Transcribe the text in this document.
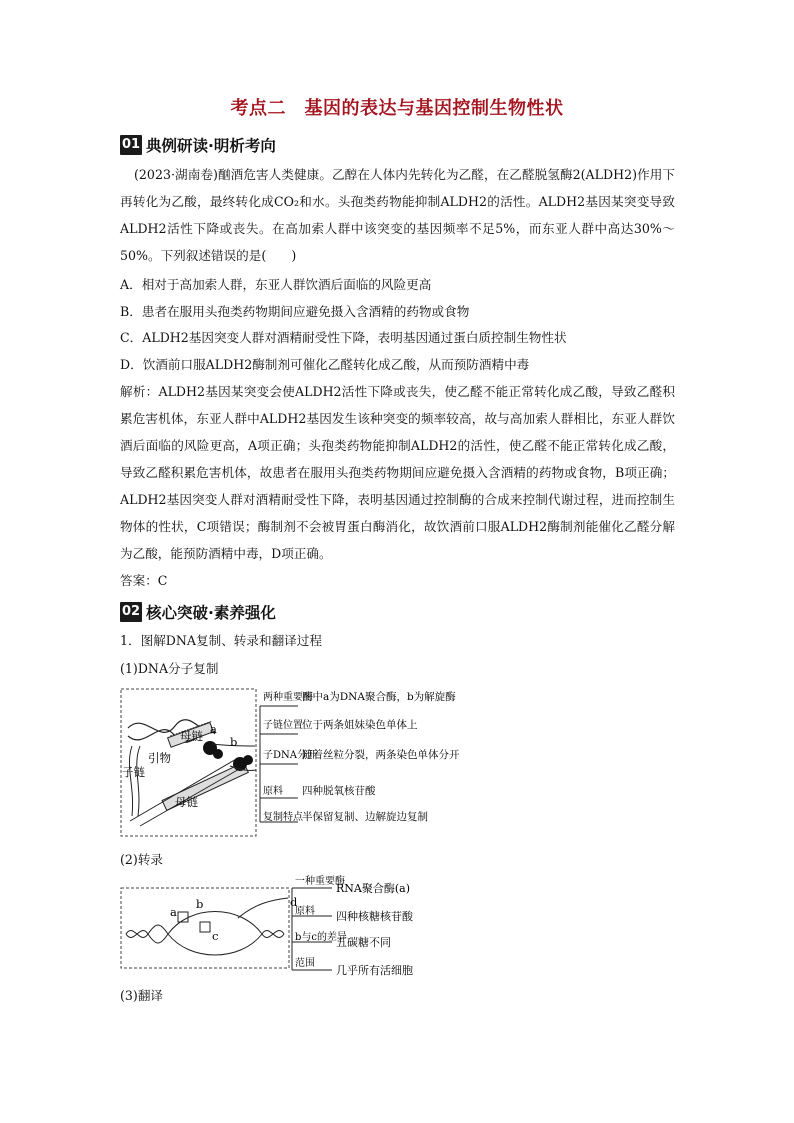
考点二　基因的表达与基因控制生物性状
01 典例研读·明析考向
(2023·湖南卷)酗酒危害人类健康。乙醇在人体内先转化为乙醛，在乙醛脱氢酶2(ALDH2)作用下再转化为乙酸，最终转化成CO₂和水。头孢类药物能抑制ALDH2的活性。ALDH2基因某突变导致ALDH2活性下降或丧失。在高加索人群中该突变的基因频率不足5%，而东亚人群中高达30%～50%。下列叙述错误的是(　　)
A．相对于高加索人群，东亚人群饮酒后面临的风险更高
B．患者在服用头孢类药物期间应避免摄入含酒精的药物或食物
C．ALDH2基因突变人群对酒精耐受性下降，表明基因通过蛋白质控制生物性状
D．饮酒前口服ALDH2酶制剂可催化乙醛转化成乙酸，从而预防酒精中毒
解析：ALDH2基因某突变会使ALDH2活性下降或丧失，使乙醛不能正常转化成乙酸，导致乙醛积累危害机体，东亚人群中ALDH2基因发生该种突变的频率较高，故与高加索人群相比，东亚人群饮酒后面临的风险更高，A项正确；头孢类药物能抑制ALDH2的活性，使乙醛不能正常转化成乙酸，导致乙醛积累危害机体，故患者在服用头孢类药物期间应避免摄入含酒精的药物或食物，B项正确；ALDH2基因突变人群对酒精耐受性下降，表明基因通过控制酶的合成来控制代谢过程，进而控制生物体的性状，C项错误；酶制剂不会被胃蛋白酶消化，故饮酒前口服ALDH2酶制剂能催化乙醛分解为乙酸，能预防酒精中毒，D项正确。
答案：C
02 核心突破·素养强化
1．图解DNA复制、转录和翻译过程
(1)DNA分子复制
母链 a
b
引物
子链
母链
两种重要酶
图中a为DNA聚合酶，b为解旋酶
子链位置 位于两条姐妹染色单体上
子DNA分开
随着丝粒分裂，两条染色单体分开
原料 四种脱氧核苷酸
复制特点 半保留复制、边解旋边复制
(2)转录
a
b
c
d
一种重要酶
RNA聚合酶(a)
原料 四种核糖核苷酸
b与c的差异
五碳糖不同
范围
几乎所有活细胞
(3)翻译
